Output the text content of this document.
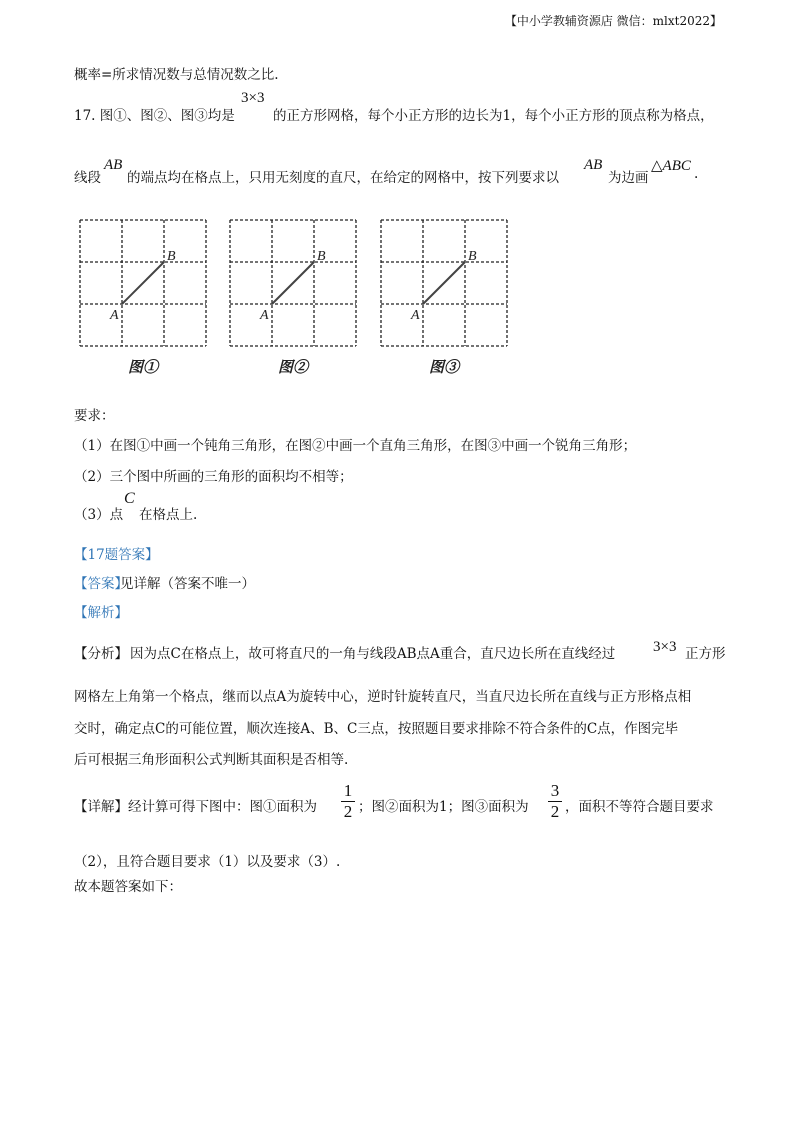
【中小学教辅资源店 微信：mlxt2022】
概率=所求情况数与总情况数之比.
17. 图①、图②、图③均是
3×3
的正方形网格，每个小正方形的边长为1，每个小正方形的顶点称为格点，
线段
AB
的端点均在格点上，只用无刻度的直尺，在给定的网格中，按下列要求以
AB
为边画
△ABC .
A
B
图①
A
B
图②
A
B
图③
要求：
（1）在图①中画一个钝角三角形，在图②中画一个直角三角形，在图③中画一个锐角三角形；
（2）三个图中所画的三角形的面积均不相等；
（3）点
C
在格点上.
【17题答案】
【答案】
见详解（答案不唯一）
【解析】
【分析】 因为点C在格点上，故可将直尺的一角与线段AB点A重合，直尺边长所在直线经过	3×3 正方形
网格左上角第一个格点，继而以点A为旋转中心，逆时针旋转直尺，当直尺边长所在直线与正方形格点相
交时，确定点C的可能位置，顺次连接A、B、C三点，按照题目要求排除不符合条件的C点，作图完毕
后可根据三角形面积公式判断其面积是否相等.
【详解】 经计算可得下图中：图①面积为
1
2 ；图②面积为1；图③面积为
3
2 ，面积不等符合题目要求
（2），且符合题目要求（1）以及要求（3）.
故本题答案如下：
